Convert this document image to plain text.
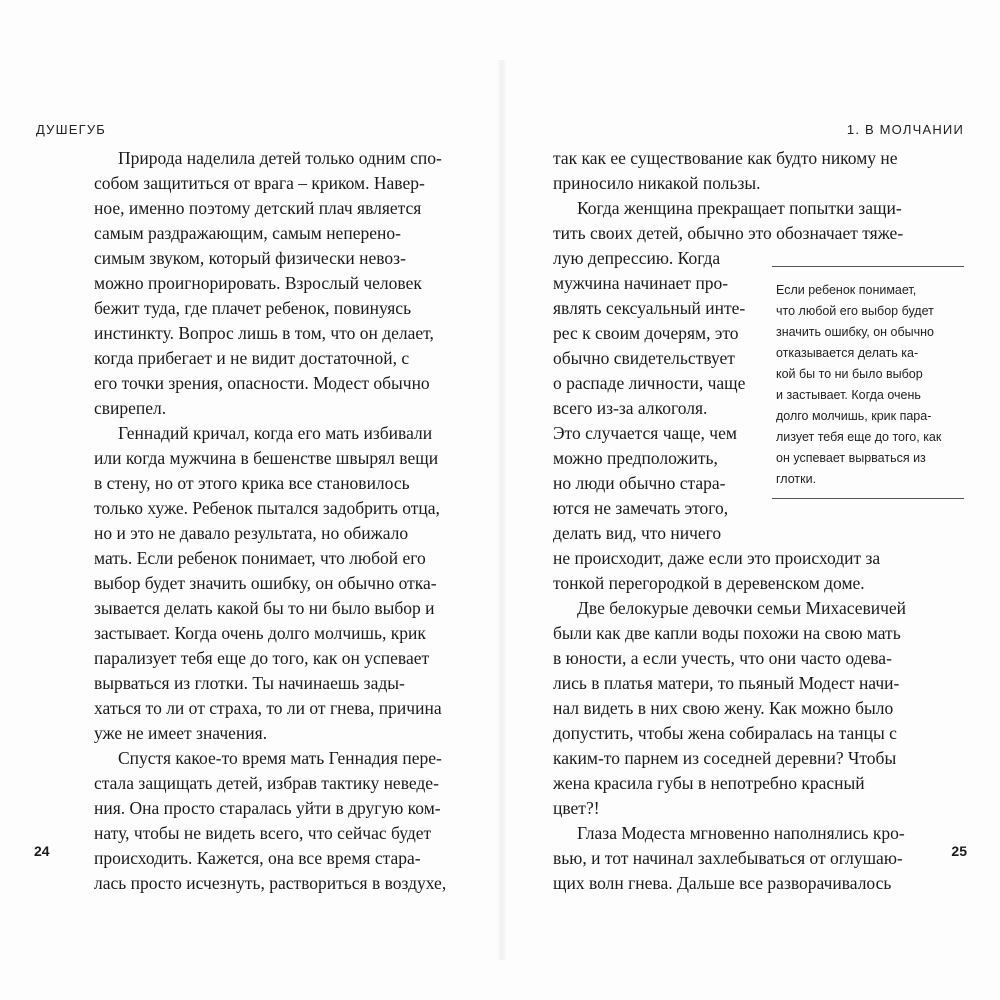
ДУШЕГУБ	1. В МОЛЧАНИИ
Природа наделила детей только одним спо-
собом защититься от врага – криком. Навер-
ное, именно поэтому детский плач является
самым раздражающим, самым неперено-
симым звуком, который физически невоз-
можно проигнорировать. Взрослый человек
бежит туда, где плачет ребенок, повинуясь
инстинкту. Вопрос лишь в том, что он делает,
когда прибегает и не видит достаточной, с
его точки зрения, опасности. Модест обычно
свирепел.
Геннадий кричал, когда его мать избивали
или когда мужчина в бешенстве швырял вещи
в стену, но от этого крика все становилось
только хуже. Ребенок пытался задобрить отца,
но и это не давало результата, но обижало
мать. Если ребенок понимает, что любой его
выбор будет значить ошибку, он обычно отка-
зывается делать какой бы то ни было выбор и
застывает. Когда очень долго молчишь, крик
парализует тебя еще до того, как он успевает
вырваться из глотки. Ты начинаешь зады-
хаться то ли от страха, то ли от гнева, причина
уже не имеет значения.
Спустя какое-то время мать Геннадия пере-
стала защищать детей, избрав тактику неведе-
ния. Она просто старалась уйти в другую ком-
нату, чтобы не видеть всего, что сейчас будет
происходить. Кажется, она все время стара-
лась просто исчезнуть, раствориться в воздухе,
так как ее существование как будто никому не
приносило никакой пользы.
Когда женщина прекращает попытки защи-
тить своих детей, обычно это обозначает тяже-
лую депрессию. Когда
мужчина начинает про-
являть сексуальный интe-
рес к своим дочерям, это
обычно свидетельствует
о распаде личности, чаще
всего из-за алкоголя.
Это случается чаще, чем
можно предположить,
но люди обычно стара-
ются не замечать этого,
делать вид, что ничего
не происходит, даже если это происходит за
тонкой перегородкой в деревенском доме.
Две белокурые девочки семьи Михасевичей
были как две капли воды похожи на свою мать
в юности, а если учесть, что они часто одева-
лись в платья матери, то пьяный Модест начи-
нал видеть в них свою жену. Как можно было
допустить, чтобы жена собиралась на танцы с
каким-то парнем из соседней деревни? Чтобы
жена красила губы в непотребно красный
цвет?!
Глаза Модеста мгновенно наполнялись кро-
вью, и тот начинал захлебываться от оглушаю-
щих волн гнева. Дальше все разворачивалось
Если ребенок понимает,
что любой его выбор будет
значить ошибку, он обычно
отказывается делать ка-
кой бы то ни было выбор
и застывает. Когда очень
долго молчишь, крик пара-
лизует тебя еще до того, как
он успевает вырваться из
глотки.
24	25
